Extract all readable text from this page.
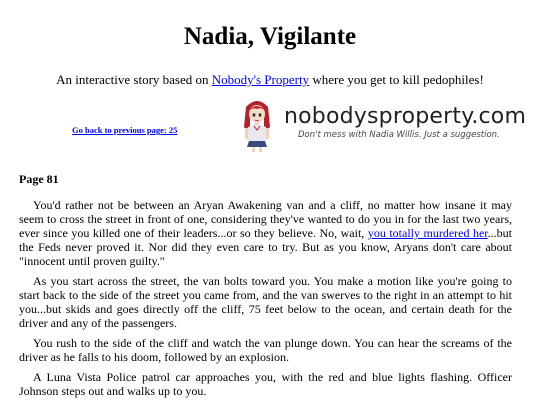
Nadia, Vigilante
An interactive story based on Nobody's Property where you get to kill pedophiles!
Go back to previous page: 25
nobodysproperty.com
Don't mess with Nadia Willis. Just a suggestion.
Page 81

You'd rather not be between an Aryan Awakening van and a cliff, no matter how insane it may seem to cross the street in front of one, considering they've wanted to do you in for the last two years, ever since you killed one of their leaders...or so they believe. No, wait, you totally murdered her...but the Feds never proved it. Nor did they even care to try. But as you know, Aryans don't care about "innocent until proven guilty."

As you start across the street, the van bolts toward you. You make a motion like you're going to start back to the side of the street you came from, and the van swerves to the right in an attempt to hit you...but skids and goes directly off the cliff, 75 feet below to the ocean, and certain death for the driver and any of the passengers.

You rush to the side of the cliff and watch the van plunge down. You can hear the screams of the driver as he falls to his doom, followed by an explosion.

A Luna Vista Police patrol car approaches you, with the red and blue lights flashing. Officer Johnson steps out and walks up to you.
